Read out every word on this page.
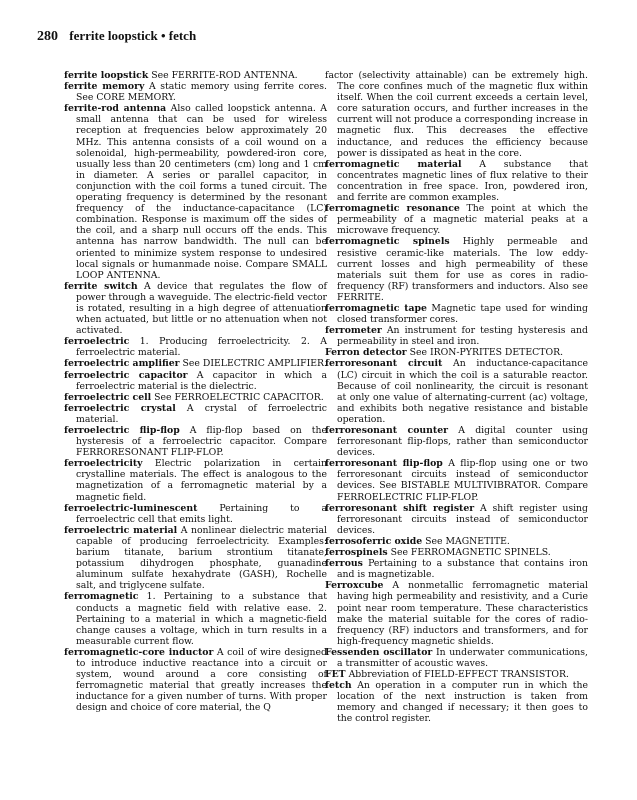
280 ferrite loopstick • fetch

ferrite loopstick See FERRITE-ROD ANTENNA.

ferrite memory A static memory using ferrite cores. See CORE MEMORY.

ferrite-rod antenna Also called loopstick antenna. A small antenna that can be used for wireless reception at frequencies below approximately 20 MHz. This antenna consists of a coil wound on a solenoidal, high-permeability, powdered-iron core, usually less than 20 centimeters (cm) long and 1 cm in diameter. A series or parallel capacitor, in conjunction with the coil forms a tuned circuit. The operating frequency is determined by the resonant frequency of the inductance-capacitance (LC) combination. Response is maximum off the sides of the coil, and a sharp null occurs off the ends. This antenna has narrow bandwidth. The null can be oriented to minimize system response to undesired local signals or humanmade noise. Compare SMALL LOOP ANTENNA.

ferrite switch A device that regulates the flow of power through a waveguide. The electric-field vector is rotated, resulting in a high degree of attenuation when actuated, but little or no attenuation when not activated.

ferroelectric 1. Producing ferroelectricity. 2. A ferroelectric material.

ferroelectric amplifier See DIELECTRIC AMPLIFIER.

ferroelectric capacitor A capacitor in which a ferroelectric material is the dielectric.

ferroelectric cell See FERROELECTRIC CAPACITOR.

ferroelectric crystal A crystal of ferroelectric material.

ferroelectric flip-flop A flip-flop based on the hysteresis of a ferroelectric capacitor. Compare FERRORESONANT FLIP-FLOP.

ferroelectricity Electric polarization in certain crystalline materials. The effect is analogous to the magnetization of a ferromagnetic material by a magnetic field.

ferroelectric-luminescent Pertaining to a ferroelectric cell that emits light.

ferroelectric material A nonlinear dielectric material capable of producing ferroelectricity. Examples: barium titanate, barium strontium titanate, potassium dihydrogen phosphate, guanadine aluminum sulfate hexahydrate (GASH), Rochelle salt, and triglycene sulfate.

ferromagnetic 1. Pertaining to a substance that conducts a magnetic field with relative ease. 2. Pertaining to a material in which a magnetic-field change causes a voltage, which in turn results in a measurable current flow.

ferromagnetic-core inductor A coil of wire designed to introduce inductive reactance into a circuit or system, wound around a core consisting of ferromagnetic material that greatly increases the inductance for a given number of turns. With proper design and choice of core material, the Q

factor (selectivity attainable) can be extremely high. The core confines much of the magnetic flux within itself. When the coil current exceeds a certain level, core saturation occurs, and further increases in the current will not produce a corresponding increase in magnetic flux. This decreases the effective inductance, and reduces the efficiency because power is dissipated as heat in the core.

ferromagnetic material A substance that concentrates magnetic lines of flux relative to their concentration in free space. Iron, powdered iron, and ferrite are common examples.

ferromagnetic resonance The point at which the permeability of a magnetic material peaks at a microwave frequency.

ferromagnetic spinels Highly permeable and resistive ceramic-like materials. The low eddy-current losses and high permeability of these materials suit them for use as cores in radio-frequency (RF) transformers and inductors. Also see FERRITE.

ferromagnetic tape Magnetic tape used for winding closed transformer cores.

ferrometer An instrument for testing hysteresis and permeability in steel and iron.

Ferron detector See IRON-PYRITES DETECTOR.

ferroresonant circuit An inductance-capacitance (LC) circuit in which the coil is a saturable reactor. Because of coil nonlinearity, the circuit is resonant at only one value of alternating-current (ac) voltage, and exhibits both negative resistance and bistable operation.

ferroresonant counter A digital counter using ferroresonant flip-flops, rather than semiconductor devices.

ferroresonant flip-flop A flip-flop using one or two ferroresonant circuits instead of semiconductor devices. See BISTABLE MULTIVIBRATOR. Compare FERROELECTRIC FLIP-FLOP.

ferroresonant shift register A shift register using ferroresonant circuits instead of semiconductor devices.

ferrosoferric oxide See MAGNETITE.

ferrospinels See FERROMAGNETIC SPINELS.

ferrous Pertaining to a substance that contains iron and is magnetizable.

Ferroxcube A nonmetallic ferromagnetic material having high permeability and resistivity, and a Curie point near room temperature. These characteristics make the material suitable for the cores of radio-frequency (RF) inductors and transformers, and for high-frequency magnetic shields.

Fessenden oscillator In underwater communications, a transmitter of acoustic waves.

FET Abbreviation of FIELD-EFFECT TRANSISTOR.

fetch An operation in a computer run in which the location of the next instruction is taken from memory and changed if necessary; it then goes to the control register.
